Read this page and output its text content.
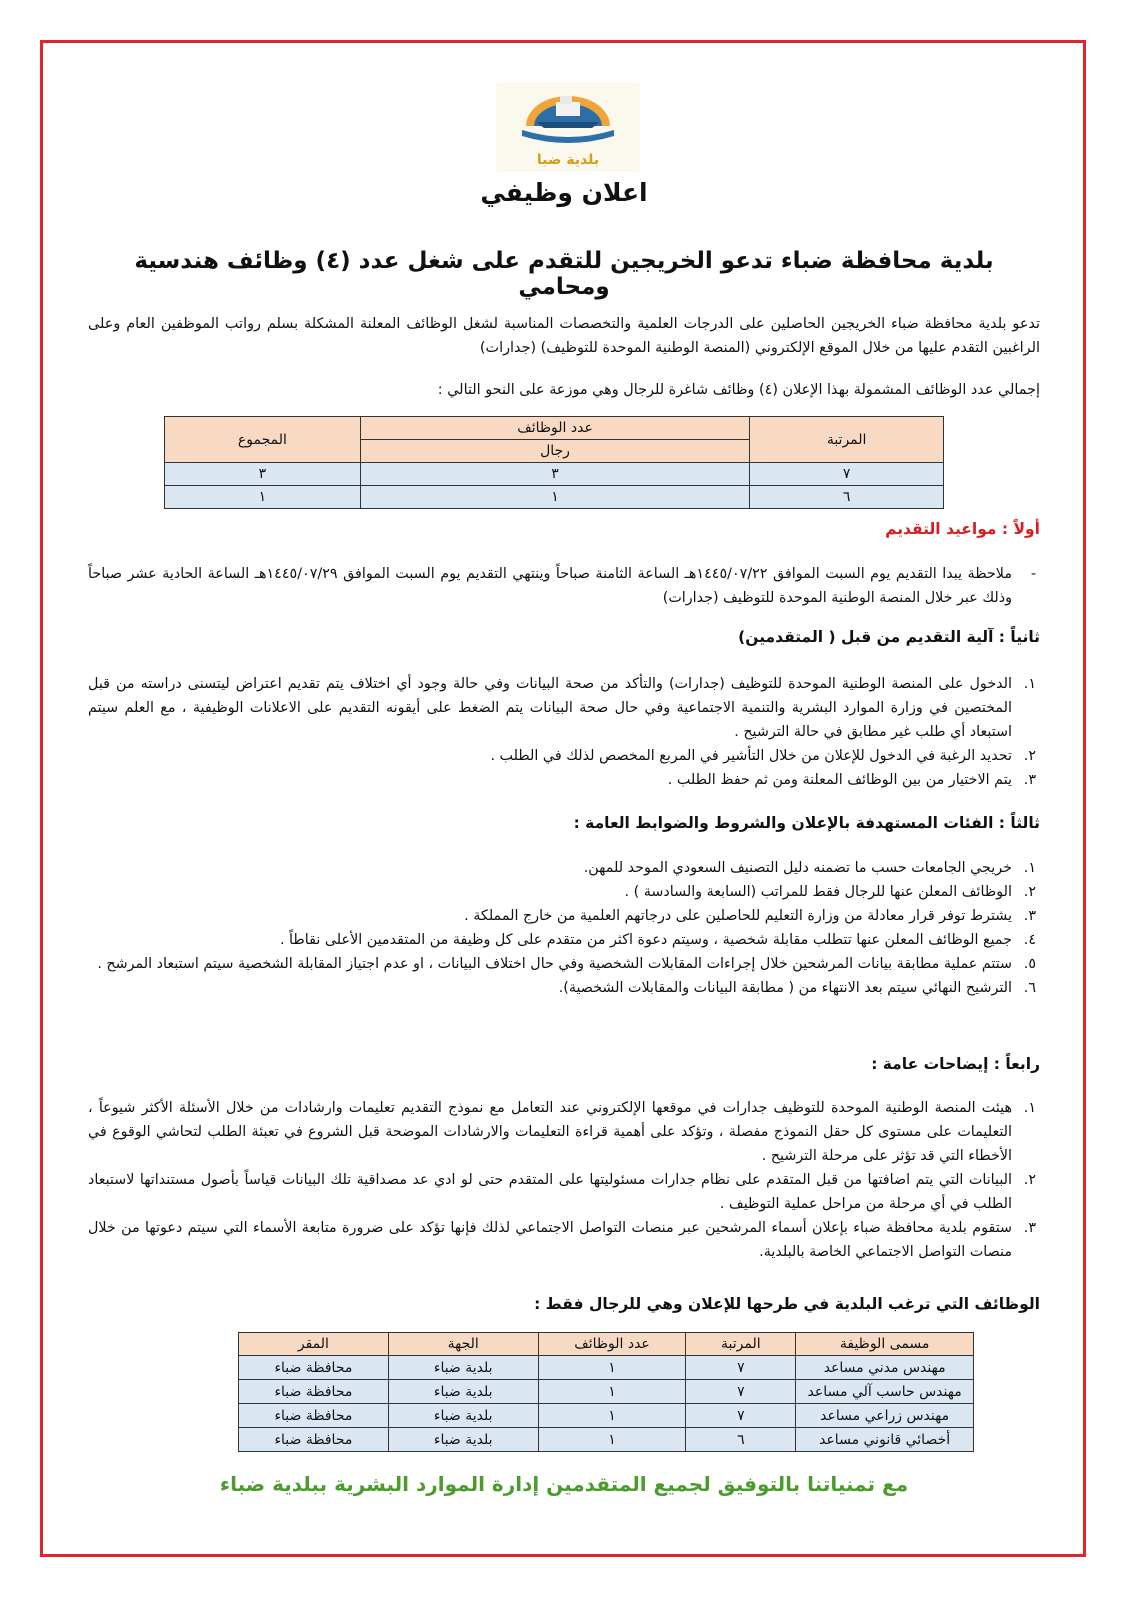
بلدية ضبا
اعلان وظيفي
بلدية محافظة ضباء تدعو الخريجين للتقدم على شغل عدد (٤) وظائف هندسية ومحامي
تدعو بلدية محافظة ضباء الخريجين الحاصلين على الدرجات العلمية والتخصصات المناسبة لشغل الوظائف المعلنة المشكلة بسلم رواتب الموظفين العام وعلى الراغبين التقدم عليها من خلال الموقع الإلكتروني (المنصة الوطنية الموحدة للتوظيف) (جدارات)
إجمالي عدد الوظائف المشمولة بهذا الإعلان (٤) وظائف شاغرة للرجال وهي موزعة على النحو التالي :
المرتبة	عدد الوظائف	المجموع
	رجال	
٧	٣	٣
٦	١	١
أولاً : مواعيد التقديم
-
ملاحظة يبدا التقديم يوم السبت الموافق ١٤٤٥/٠٧/٢٢هـ الساعة الثامنة صباحاً وينتهي التقديم يوم السبت الموافق ١٤٤٥/٠٧/٢٩هـ الساعة الحادية عشر صباحاً وذلك عبر خلال المنصة الوطنية الموحدة للتوظيف (جدارات)
ثانياً : آلية التقديم من قبل ( المتقدمين)
١.
الدخول على المنصة الوطنية الموحدة للتوظيف (جدارات) والتأكد من صحة البيانات وفي حالة وجود أي اختلاف يتم تقديم اعتراض ليتسنى دراسته من قبل المختصين في وزارة الموارد البشرية والتنمية الاجتماعية وفي حال صحة البيانات يتم الضغط على أيقونه التقديم على الاعلانات الوظيفية ، مع العلم سيتم استبعاد أي طلب غير مطابق في حالة الترشيح .
٢.
تحديد الرغبة في الدخول للإعلان من خلال التأشير في المربع المخصص لذلك في الطلب .
٣.
يتم الاختيار من بين الوظائف المعلنة ومن ثم حفظ الطلب .
ثالثاً : الفئات المستهدفة بالإعلان والشروط والضوابط العامة :
١.
خريجي الجامعات حسب ما تضمنه دليل التصنيف السعودي الموحد للمهن.
٢.
الوظائف المعلن عنها للرجال فقط للمراتب (السابعة والسادسة ) .
٣.
يشترط توفر قرار معادلة من وزارة التعليم للحاصلين على درجاتهم العلمية من خارج المملكة .
٤.
جميع الوظائف المعلن عنها تتطلب مقابلة شخصية ، وسيتم دعوة اكثر من متقدم على كل وظيفة من المتقدمين الأعلى نقاطاً .
٥.
ستتم عملية مطابقة بيانات المرشحين خلال إجراءات المقابلات الشخصية وفي حال اختلاف البيانات ، او عدم اجتياز المقابلة الشخصية سيتم استبعاد المرشح .
٦.
الترشيح النهائي سيتم بعد الانتهاء من ( مطابقة البيانات والمقابلات الشخصية).
رابعاً : إيضاحات عامة :
١.
هيئت المنصة الوطنية الموحدة للتوظيف جدارات في موقعها الإلكتروني عند التعامل مع نموذج التقديم تعليمات وارشادات من خلال الأسئلة الأكثر شيوعاً ، التعليمات على مستوى كل حقل النموذج مفصلة ، وتؤكد على أهمية قراءة التعليمات والارشادات الموضحة قبل الشروع في تعبئة الطلب لتحاشي الوقوع في الأخطاء التي قد تؤثر على مرحلة الترشيح .
٢.
البيانات التي يتم اضافتها من قبل المتقدم على نظام جدارات مسئوليتها على المتقدم حتى لو ادي عد مصداقية تلك البيانات قياساً بأصول مستنداتها لاستبعاد الطلب في أي مرحلة من مراحل عملية التوظيف .
٣.
ستقوم بلدية محافظة ضباء بإعلان أسماء المرشحين عبر منصات التواصل الاجتماعي لذلك فإنها تؤكد على ضرورة متابعة الأسماء التي سيتم دعوتها من خلال منصات التواصل الاجتماعي الخاصة بالبلدية.
الوظائف التي ترغب البلدية في طرحها للإعلان وهي للرجال فقط :
مسمى الوظيفة	المرتبة	عدد الوظائف	الجهة	المقر
مهندس مدني مساعد	٧	١	بلدية ضباء	محافظة ضباء
مهندس حاسب آلي مساعد	٧	١	بلدية ضباء	محافظة ضباء
مهندس زراعي مساعد	٧	١	بلدية ضباء	محافظة ضباء
أخصائي قانوني مساعد	٦	١	بلدية ضباء	محافظة ضباء
مع تمنياتنا بالتوفيق لجميع المتقدمين إدارة الموارد البشرية ببلدية ضباء
